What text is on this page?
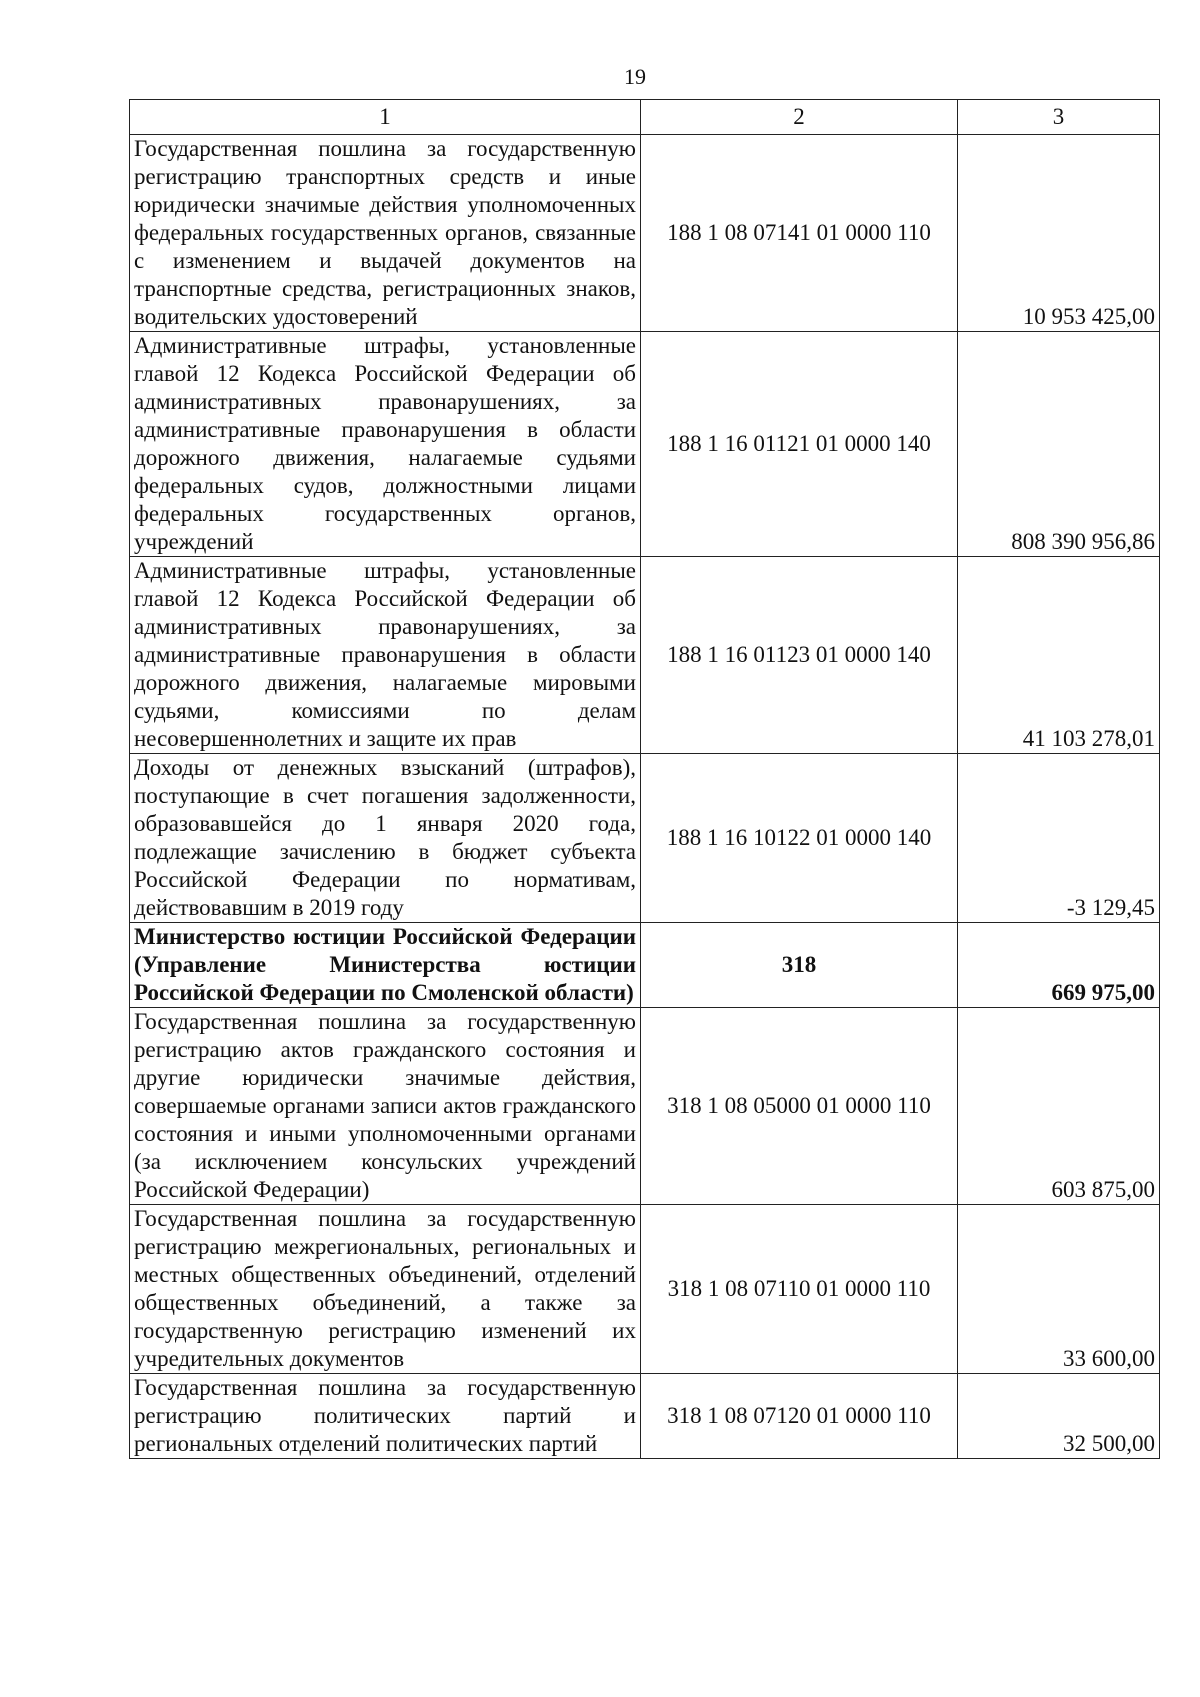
19
1	2	3
Государственная пошлина за государственную регистрацию транспортных средств и иные юридически значимые действия уполномоченных федеральных государственных органов, связанные с изменением и выдачей документов на транспортные средства, регистрационных знаков, водительских удостоверений	188 1 08 07141 01 0000 110	10 953 425,00
Административные штрафы, установленные главой 12 Кодекса Российской Федерации об административных правонарушениях, за административные правонарушения в области дорожного движения, налагаемые судьями федеральных судов, должностными лицами федеральных государственных органов, учреждений	188 1 16 01121 01 0000 140	808 390 956,86
Административные штрафы, установленные главой 12 Кодекса Российской Федерации об административных правонарушениях, за административные правонарушения в области дорожного движения, налагаемые мировыми судьями, комиссиями по делам несовершеннолетних и защите их прав	188 1 16 01123 01 0000 140	41 103 278,01
Доходы от денежных взысканий (штрафов), поступающие в счет погашения задолженности, образовавшейся до 1 января 2020 года, подлежащие зачислению в бюджет субъекта Российской Федерации по нормативам, действовавшим в 2019 году	188 1 16 10122 01 0000 140	-3 129,45
Министерство юстиции Российской Федерации (Управление Министерства юстиции Российской Федерации по Смоленской области)	318	669 975,00
Государственная пошлина за государственную регистрацию актов гражданского состояния и другие юридически значимые действия, совершаемые органами записи актов гражданского состояния и иными уполномоченными органами (за исключением консульских учреждений Российской Федерации)	318 1 08 05000 01 0000 110	603 875,00
Государственная пошлина за государственную регистрацию межрегиональных, региональных и местных общественных объединений, отделений общественных объединений, а также за государственную регистрацию изменений их учредительных документов	318 1 08 07110 01 0000 110	33 600,00
Государственная пошлина за государственную регистрацию политических партий и региональных отделений политических партий	318 1 08 07120 01 0000 110	32 500,00
